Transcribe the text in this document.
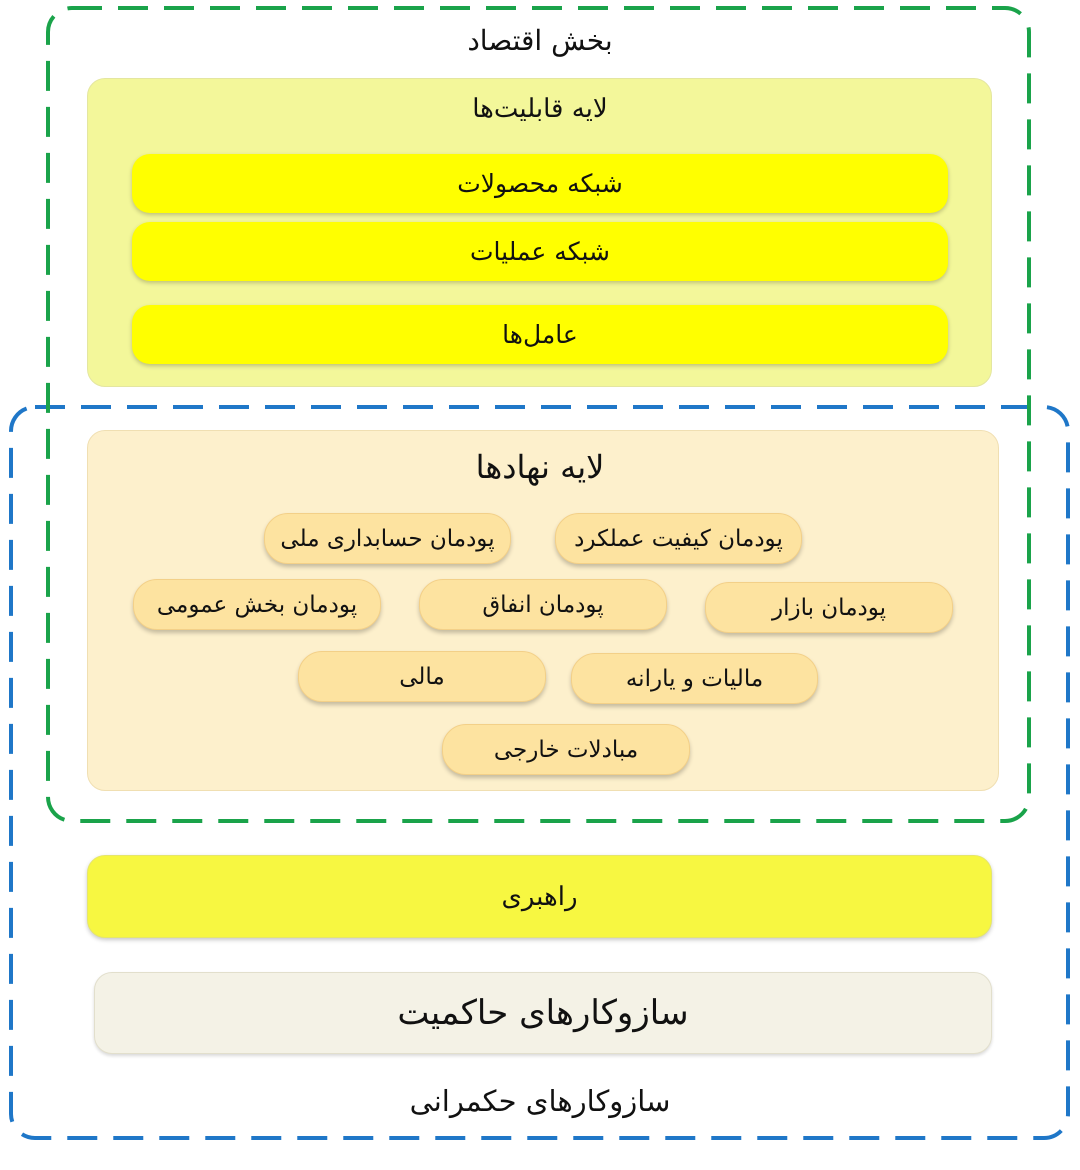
بخش اقتصاد
لایه قابلیت‌ها
شبکه محصولات
شبکه عملیات
عامل‌ها
لایه نهادها
پودمان کیفیت عملکرد
پودمان حسابداری ملی
پودمان بازار
پودمان انفاق
پودمان بخش عمومی
مالیات و یارانه
مالی
مبادلات خارجی
راهبری
سازوکارهای حاکمیت
سازوکارهای حکمرانی
